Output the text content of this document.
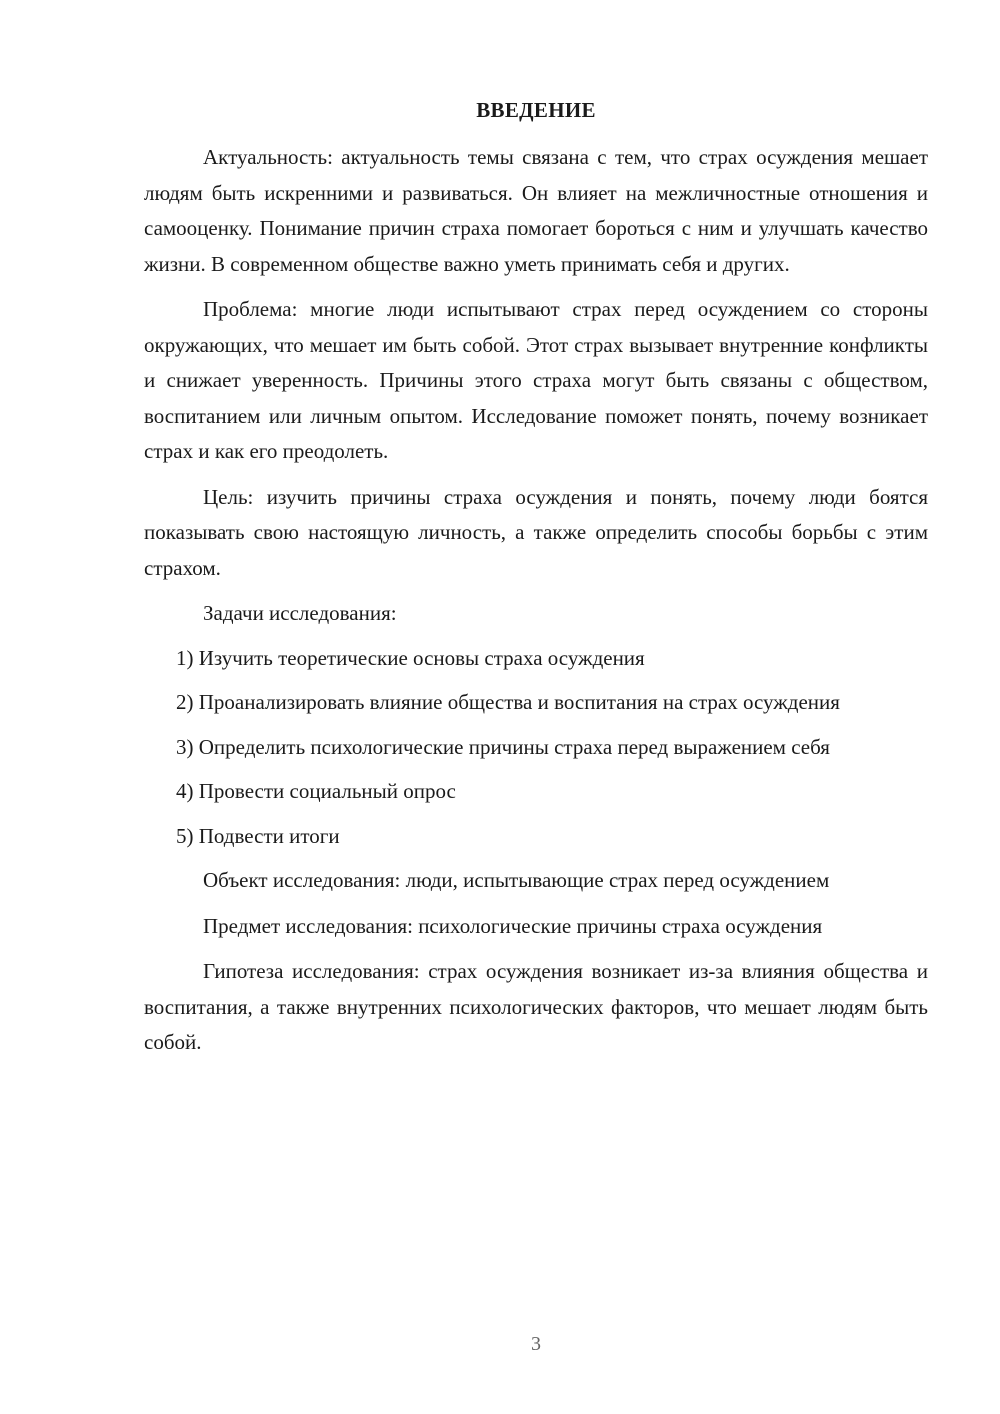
ВВЕДЕНИЕ

Актуальность: актуальность темы связана с тем, что страх осуждения мешает людям быть искренними и развиваться. Он влияет на межличностные отношения и самооценку. Понимание причин страха помогает бороться с ним и улучшать качество жизни. В современном обществе важно уметь принимать себя и других.

Проблема: многие люди испытывают страх перед осуждением со стороны окружающих, что мешает им быть собой. Этот страх вызывает внутренние конфликты и снижает уверенность. Причины этого страха могут быть связаны с обществом, воспитанием или личным опытом. Исследование поможет понять, почему возникает страх и как его преодолеть.

Цель: изучить причины страха осуждения и понять, почему люди боятся показывать свою настоящую личность, а также определить способы борьбы с этим страхом.

Задачи исследования:

1) Изучить теоретические основы страха осуждения

2) Проанализировать влияние общества и воспитания на страх осуждения

3) Определить психологические причины страха перед выражением себя

4) Провести социальный опрос

5) Подвести итоги

Объект исследования: люди, испытывающие страх перед осуждением

Предмет исследования: психологические причины страха осуждения

Гипотеза исследования: страх осуждения возникает из-за влияния общества и воспитания, а также внутренних психологических факторов, что мешает людям быть собой.

3
